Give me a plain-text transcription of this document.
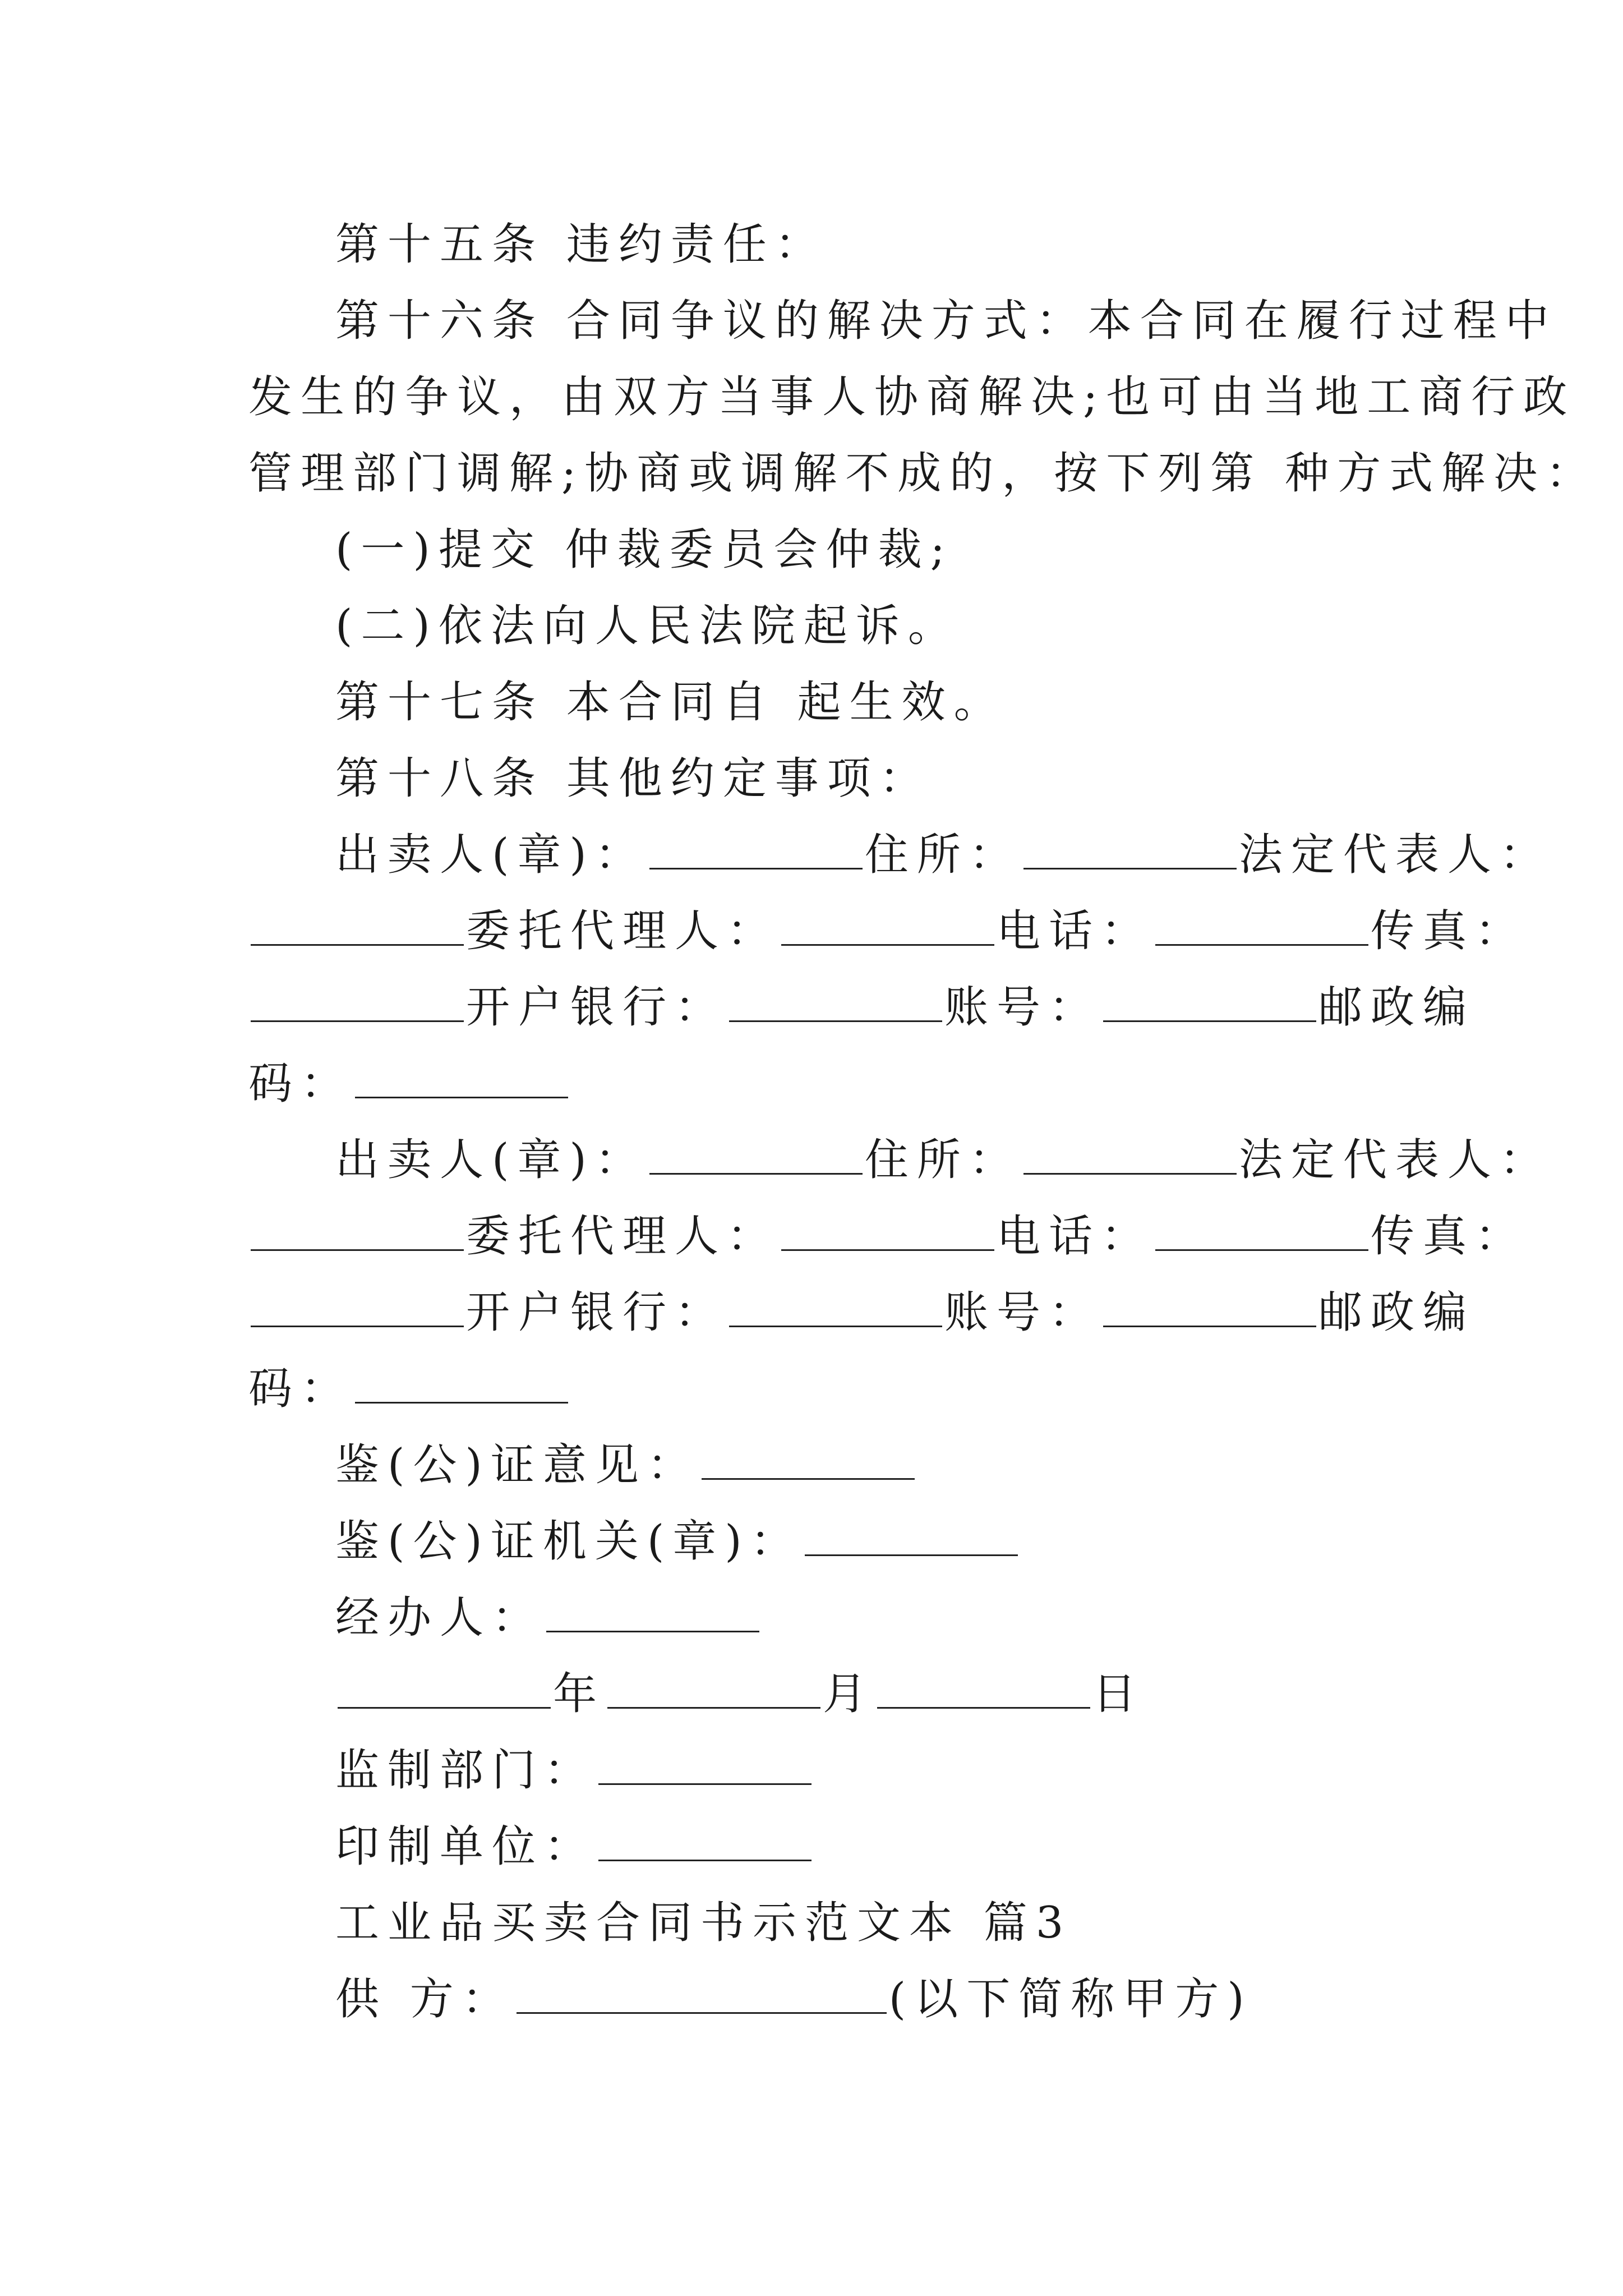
第十五条 违约责任：
第十六条 合同争议的解决方式：本合同在履行过程中
发生的争议，由双方当事人协商解决;也可由当地工商行政
管理部门调解;协商或调解不成的，按下列第 种方式解决：
(一)提交 仲裁委员会仲裁;
(二)依法向人民法院起诉。
第十七条 本合同自 起生效。
第十八条 其他约定事项：
出卖人(章)：	住所：	法定代表人：
委托代理人：	电话：	传真：
开户银行：	账号：	邮政编
码：
出卖人(章)：	住所：	法定代表人：
委托代理人：	电话：	传真：
开户银行：	账号：	邮政编
码：
鉴(公)证意见：
鉴(公)证机关(章)：
经办人：
年	月	日
监制部门：
印制单位：
工业品买卖合同书示范文本 篇3
供 方：	(以下简称甲方)
